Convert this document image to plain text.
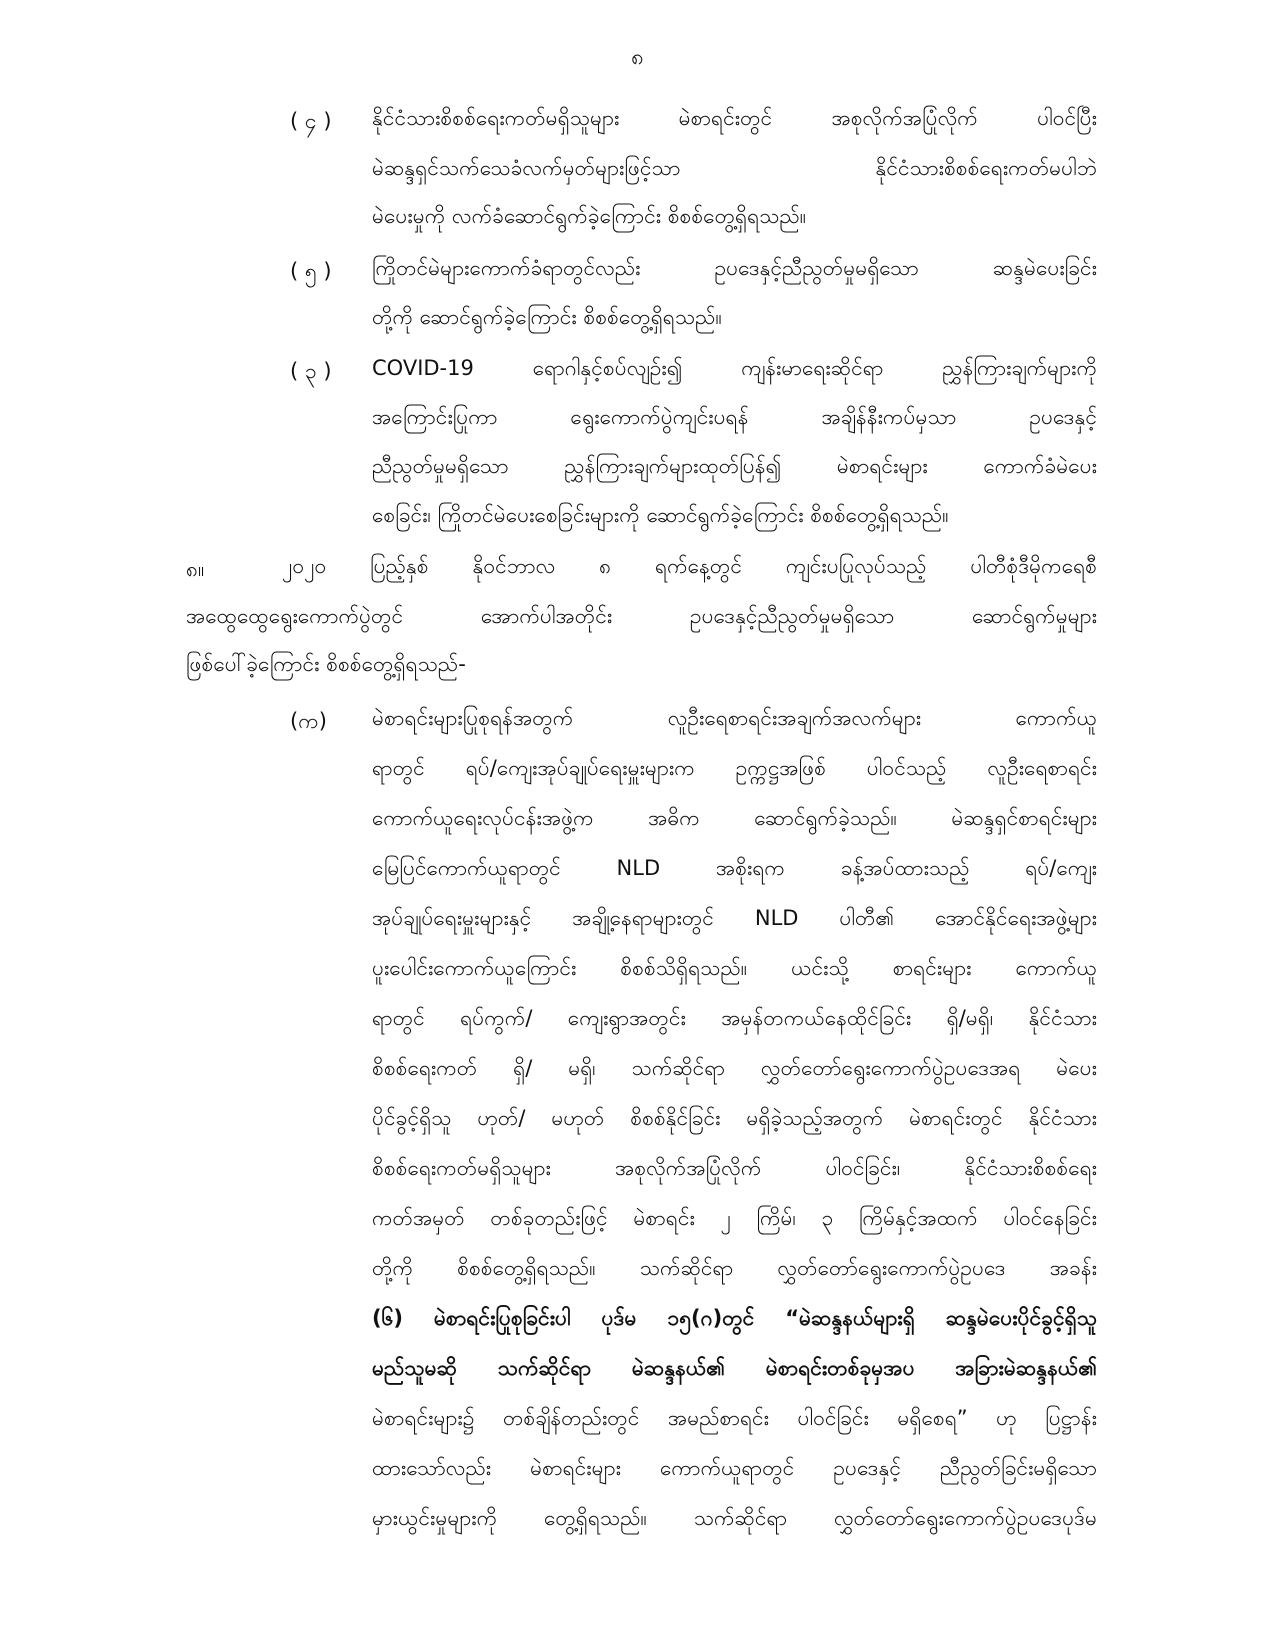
၈
( ၄ ) နိုင်ငံသားစိစစ်ရေးကတ်မရှိသူများ မဲစာရင်းတွင် အစုလိုက်အပြုံလိုက် ပါဝင်ပြီး
မဲဆန္ဒရှင်သက်သေခံလက်မှတ်များဖြင့်သာ နိုင်ငံသားစိစစ်ရေးကတ်မပါဘဲ
မဲပေးမှုကို လက်ခံဆောင်ရွက်ခဲ့ကြောင်း စိစစ်တွေ့ရှိရသည်။
( ၅ ) ကြိုတင်မဲများကောက်ခံရာတွင်လည်း ဥပဒေနှင့်ညီညွတ်မှုမရှိသော ဆန္ဒမဲပေးခြင်း
တို့ကို ဆောင်ရွက်ခဲ့ကြောင်း စိစစ်တွေ့ရှိရသည်။
( ၃ ) COVID-19 ရောဂါနှင့်စပ်လျဉ်း၍ ကျန်းမာရေးဆိုင်ရာ ညွှန်ကြားချက်များကို
အကြောင်းပြုကာ ရွေးကောက်ပွဲကျင်းပရန် အချိန်နီးကပ်မှသာ ဥပဒေနှင့်
ညီညွတ်မှုမရှိသော ညွှန်ကြားချက်များထုတ်ပြန်၍ မဲစာရင်းများ ကောက်ခံမဲပေး
စေခြင်း၊ ကြိုတင်မဲပေးစေခြင်းများကို ဆောင်ရွက်ခဲ့ကြောင်း စိစစ်တွေ့ရှိရသည်။
၈။	၂၀၂၀ ပြည့်နှစ် နိုဝင်ဘာလ ၈ ရက်နေ့တွင် ကျင်းပပြုလုပ်သည့် ပါတီစုံဒီမိုကရေစီ
အထွေထွေရွေးကောက်ပွဲတွင် အောက်ပါအတိုင်း ဥပဒေနှင့်ညီညွတ်မှုမရှိသော ဆောင်ရွက်မှုများ
ဖြစ်ပေါ်ခဲ့ကြောင်း စိစစ်တွေ့ရှိရသည်-
(က) မဲစာရင်းများပြုစုရန်အတွက် လူဦးရေစာရင်းအချက်အလက်များ ကောက်ယူ
ရာတွင် ရပ်/ကျေးအုပ်ချုပ်ရေးမှူးများက ဥက္ကဋ္ဌအဖြစ် ပါဝင်သည့် လူဦးရေစာရင်း
ကောက်ယူရေးလုပ်ငန်းအဖွဲ့က အဓိက ဆောင်ရွက်ခဲ့သည်။ မဲဆန္ဒရှင်စာရင်းများ
မြေပြင်ကောက်ယူရာတွင် NLD အစိုးရက ခန့်အပ်ထားသည့် ရပ်/ကျေး
အုပ်ချုပ်ရေးမှူးများနှင့် အချို့နေရာများတွင် NLD ပါတီ၏ အောင်နိုင်ရေးအဖွဲ့များ
ပူးပေါင်းကောက်ယူကြောင်း စိစစ်သိရှိရသည်။ ယင်းသို့ စာရင်းများ ကောက်ယူ
ရာတွင် ရပ်ကွက်/ ကျေးရွာအတွင်း အမှန်တကယ်နေထိုင်ခြင်း ရှိ/မရှိ၊ နိုင်ငံသား
စိစစ်ရေးကတ် ရှိ/ မရှိ၊ သက်ဆိုင်ရာ လွှတ်တော်ရွေးကောက်ပွဲဥပဒေအရ မဲပေး
ပိုင်ခွင့်ရှိသူ ဟုတ်/ မဟုတ် စိစစ်နိုင်ခြင်း မရှိခဲ့သည့်အတွက် မဲစာရင်းတွင် နိုင်ငံသား
စိစစ်ရေးကတ်မရှိသူများ အစုလိုက်အပြုံလိုက် ပါဝင်ခြင်း၊ နိုင်ငံသားစိစစ်ရေး
ကတ်အမှတ် တစ်ခုတည်းဖြင့် မဲစာရင်း ၂ ကြိမ်၊ ၃ ကြိမ်နှင့်အထက် ပါဝင်နေခြင်း
တို့ကို စိစစ်တွေ့ရှိရသည်။ သက်ဆိုင်ရာ လွှတ်တော်ရွေးကောက်ပွဲဥပဒေ အခန်း
(၆) မဲစာရင်းပြုစုခြင်းပါ ပုဒ်မ ၁၅(ဂ)တွင် “မဲဆန္ဒနယ်များရှိ ဆန္ဒမဲပေးပိုင်ခွင့်ရှိသူ
မည်သူမဆို သက်ဆိုင်ရာ မဲဆန္ဒနယ်၏ မဲစာရင်းတစ်ခုမှအပ အခြားမဲဆန္ဒနယ်၏
မဲစာရင်းများ၌ တစ်ချိန်တည်းတွင် အမည်စာရင်း ပါဝင်ခြင်း မရှိစေရ” ဟု ပြဋ္ဌာန်း
ထားသော်လည်း မဲစာရင်းများ ကောက်ယူရာတွင် ဥပဒေနှင့် ညီညွတ်ခြင်းမရှိသော
မှားယွင်းမှုများကို တွေ့ရှိရသည်။ သက်ဆိုင်ရာ လွှတ်တော်ရွေးကောက်ပွဲဥပဒေပုဒ်မ
